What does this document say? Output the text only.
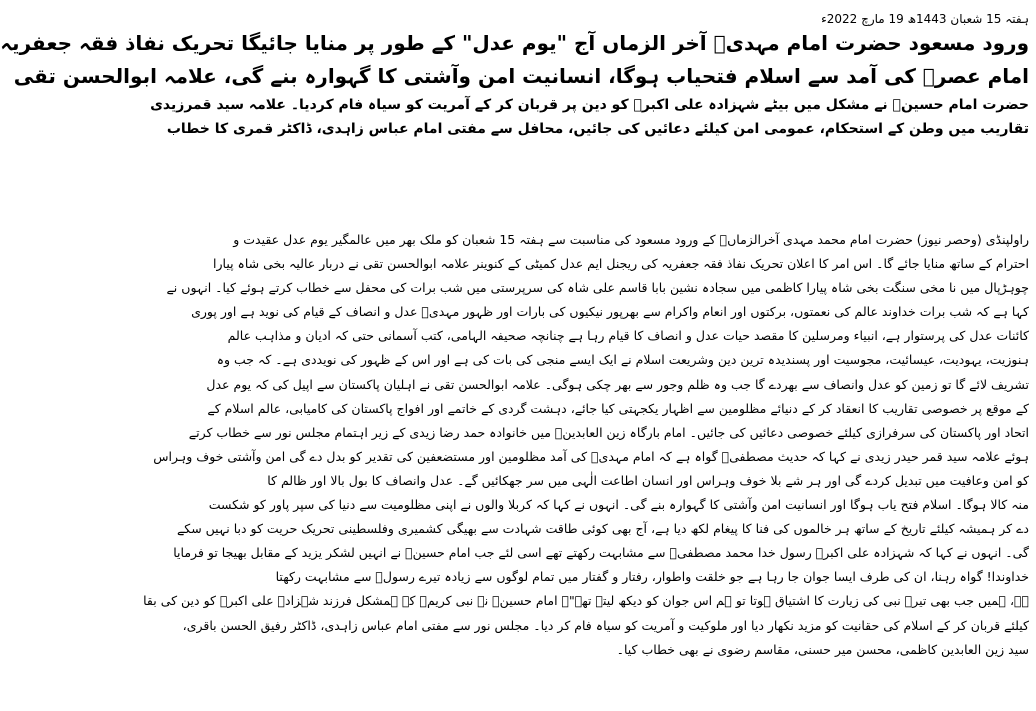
ہفتہ 15 شعبان 1443ھ 19 مارچ 2022ء
ورود مسعود حضرت امام مہدیؑ آخر الزماں آج "یوم عدل" کے طور پر منایا جائیگا تحریک نفاذ فقہ جعفریہ
امام عصرؑ کی آمد سے اسلام فتحیاب ہوگا، انسانیت امن وآشتی کا گہوارہ بنے گی، علامہ ابوالحسن تقی
حضرت امام حسینؑ نے مشکل میں بیٹے شہزادہ علی اکبرؑ کو دین پر قربان کر کے آمریت کو سیاہ فام کردیا۔ علامہ سید قمرزیدی
تقاریب میں وطن کے استحکام، عمومی امن کیلئے دعائیں کی جائیں، محافل سے مفتی امام عباس زاہدی، ڈاکٹر قمری کا خطاب
راولپنڈی (وحصر نیوز) حضرت امام محمد مہدی آخرالزماںؑ کے ورود مسعود کی مناسبت سے ہفتہ 15 شعبان کو ملک بھر میں عالمگیر یوم عدل عقیدت و
احترام کے ساتھ منایا جائے گا۔ اس امر کا اعلان تحریک نفاذ فقہ جعفریہ کی ریجنل ایم عدل کمیٹی کے کنوینر علامہ ابوالحسن تقی نے دربار عالیہ بخی شاہ پیارا
چوہڑپال میں نا مخی سنگت بخی شاہ پیارا کاظمی میں سجادہ نشین بابا قاسم علی شاہ کی سرپرستی میں شب برات کی محفل سے خطاب کرتے ہوئے کیا۔ انہوں نے
کہا ہے کہ شب برات خداوند عالم کی نعمتوں، برکتوں اور انعام واکرام سے بھرپور نیکیوں کی بارات اور ظہور مہدیؑ عدل و انصاف کے قیام کی نوید ہے اور پوری
کائنات عدل کی پرستوار ہے، انبیاء ومرسلین کا مقصد حیات عدل و انصاف کا قیام رہا ہے چنانچہ صحیفہ الہامی، کتب آسمانی حتی کہ ادیان و مذاہب عالم
ہنوزیت، یہودیت، عیسائیت، مجوسیت اور پسندیدہ ترین دین وشریعت اسلام نے ایک ایسے منجی کی بات کی ہے اور اس کے ظہور کی نویددی ہے۔ کہ جب وہ
تشریف لائے گا تو زمین کو عدل وانصاف سے بھردے گا جب وہ ظلم وجور سے بھر چکی ہوگی۔ علامہ ابوالحسن تقی نے اہلیان پاکستان سے اپیل کی کہ یوم عدل
کے موقع پر خصوصی تقاریب کا انعقاد کر کے دنیائے مظلومین سے اظہار یکجہتی کیا جائے، دہشت گردی کے خاتمے اور افواج پاکستان کی کامیابی، عالم اسلام کے
اتحاد اور پاکستان کی سرفرازی کیلئے خصوصی دعائیں کی جائیں۔ امام بارگاہ زین العابدینؑ میں خانوادہ حمد رضا زیدی کے زیر اہتمام مجلس نور سے خطاب کرتے
ہوئے علامہ سید قمر حیدر زیدی نے کہا کہ حدیث مصطفیؐ گواہ ہے کہ امام مہدیؑ کی آمد مظلومین اور مستضعفین کی تقدیر کو بدل دے گی امن وآشتی خوف وہراس
کو امن وعافیت میں تبدیل کردے گی اور ہر شے بلا خوف وہراس اور انسان اطاعت الٰہی میں سر جھکائیں گے۔ عدل وانصاف کا بول بالا اور ظالم کا
منہ کالا ہوگا۔ اسلام فتح یاب ہوگا اور انسانیت امن وآشتی کا گہوارہ بنے گی۔ انہوں نے کہا کہ کربلا والوں نے اپنی مظلومیت سے دنیا کی سپر پاور کو شکست
دے کر ہمیشہ کیلئے تاریخ کے ساتھ ہر خالموں کی فنا کا پیغام لکھ دیا ہے، آج بھی کوئی طاقت شہادت سے بھیگی کشمیری وفلسطینی تحریک حریت کو دبا نہیں سکے
گی۔ انہوں نے کہا کہ شہزادہ علی اکبرؑ رسول خدا محمد مصطفیؐ سے مشابہت رکھتے تھے اسی لئے جب امام حسینؑ نے انہیں لشکر یزید کے مقابل بھیجا تو فرمایا
خداوندا! گواہ رہنا، ان کی طرف ایسا جوان جا رہا ہے جو خلقت واطوار، رفتار و گفتار میں تمام لوگوں سے زیادہ تیرے رسولؐ سے مشابہت رکھتا
ہے، ہمیں جب بھی تیرے نبی کی زیارت کا اشتیاق ہوتا تو ہم اس جوان کو دیکھ لیتے تھے"۔ امام حسینؑ نے نبی کریمؐ کے ہمشکل فرزند شہزادہ علی اکبرؑ کو دین کی بقا
کیلئے قربان کر کے اسلام کی حقانیت کو مزید نکھار دیا اور ملوکیت و آمریت کو سیاہ فام کر دیا۔ مجلس نور سے مفتی امام عباس زاہدی، ڈاکٹر رفیق الحسن باقری،
سید زین العابدین کاظمی، محسن میر حسنی، مقاسم رضوی نے بھی خطاب کیا۔
